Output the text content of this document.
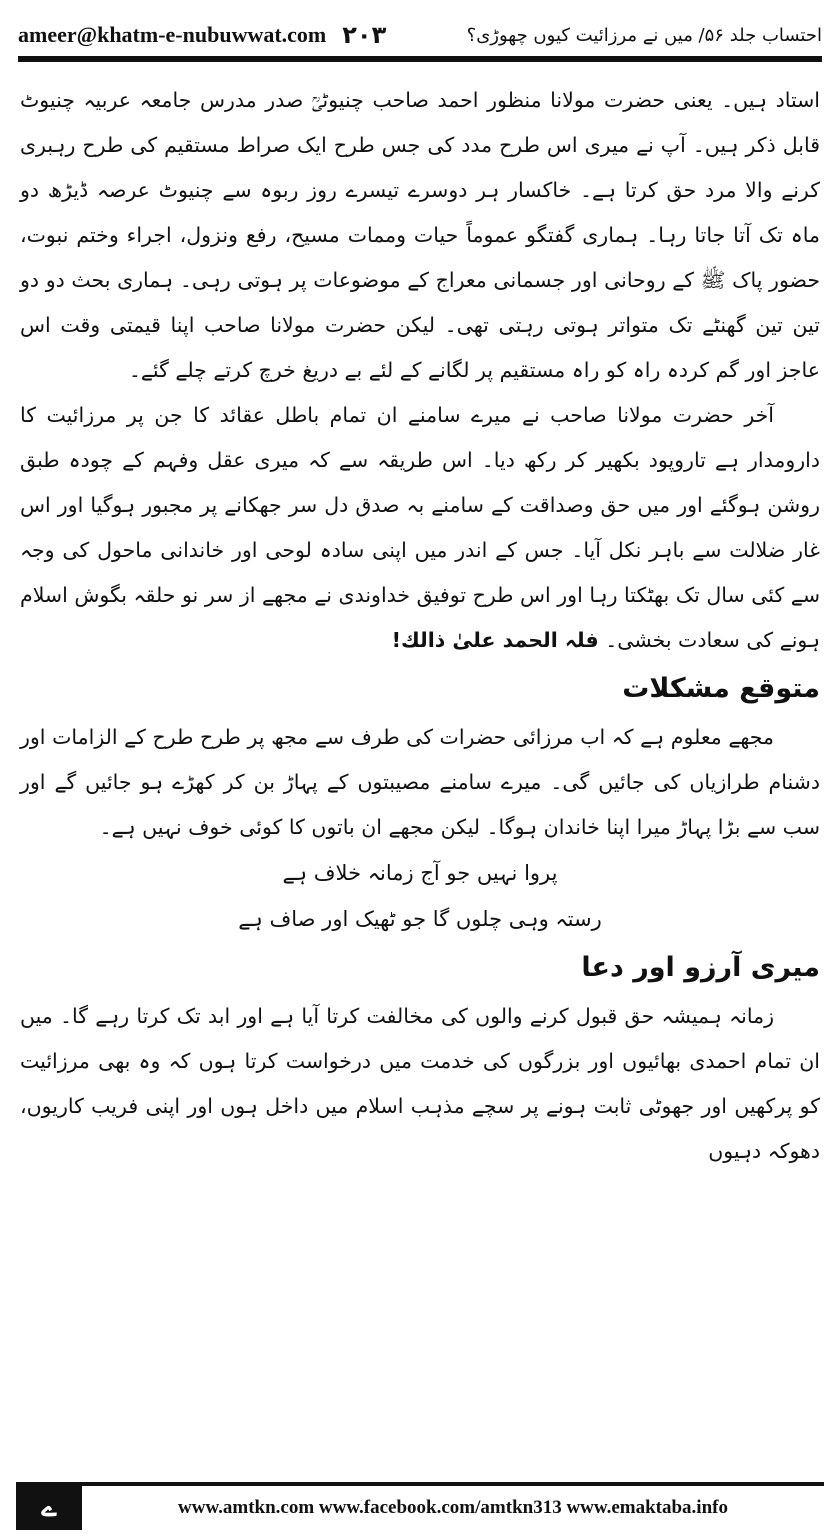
ameer@khatm-e-nubuwwat.com ۲۰۳	احتساب جلد ۵۶/ میں نے مرزائیت کیوں چھوڑی؟

استاد ہیں۔ یعنی حضرت مولانا منظور احمد صاحب چنیوٹیؒ صدر مدرس جامعہ عربیہ چنیوٹ قابل ذکر ہیں۔ آپ نے میری اس طرح مدد کی جس طرح ایک صراط مستقیم کی طرح رہبری کرنے والا مرد حق کرتا ہے۔ خاکسار ہر دوسرے تیسرے روز ربوہ سے چنیوٹ عرصہ ڈیڑھ دو ماہ تک آتا جاتا رہا۔ ہماری گفتگو عموماً حیات وممات مسیح، رفع ونزول، اجراء وختم نبوت، حضور پاک ﷺ کے روحانی اور جسمانی معراج کے موضوعات پر ہوتی رہی۔ ہماری بحث دو دو تین تین گھنٹے تک متواتر ہوتی رہتی تھی۔ لیکن حضرت مولانا صاحب اپنا قیمتی وقت اس عاجز اور گم کردہ راہ کو راہ مستقیم پر لگانے کے لئے بے دریغ خرچ کرتے چلے گئے۔

آخر حضرت مولانا صاحب نے میرے سامنے ان تمام باطل عقائد کا جن پر مرزائیت کا دارومدار ہے تاروپود بکھیر کر رکھ دیا۔ اس طریقہ سے کہ میری عقل وفہم کے چودہ طبق روشن ہوگئے اور میں حق وصداقت کے سامنے بہ صدق دل سر جھکانے پر مجبور ہوگیا اور اس غار ضلالت سے باہر نکل آیا۔ جس کے اندر میں اپنی سادہ لوحی اور خاندانی ماحول کی وجہ سے کئی سال تک بھٹکتا رہا اور اس طرح توفیق خداوندی نے مجھے از سر نو حلقہ بگوش اسلام ہونے کی سعادت بخشی۔ فلہ الحمد علیٰ ذالك!

متوقع مشکلات

مجھے معلوم ہے کہ اب مرزائی حضرات کی طرف سے مجھ پر طرح طرح کے الزامات اور دشنام طرازیاں کی جائیں گی۔ میرے سامنے مصیبتوں کے پہاڑ بن کر کھڑے ہو جائیں گے اور سب سے بڑا پہاڑ میرا اپنا خاندان ہوگا۔ لیکن مجھے ان باتوں کا کوئی خوف نہیں ہے۔

پروا نہیں جو آج زمانہ خلاف ہے
رستہ وہی چلوں گا جو ٹھیک اور صاف ہے

میری آرزو اور دعا

زمانہ ہمیشہ حق قبول کرنے والوں کی مخالفت کرتا آیا ہے اور ابد تک کرتا رہے گا۔ میں ان تمام احمدی بھائیوں اور بزرگوں کی خدمت میں درخواست کرتا ہوں کہ وہ بھی مرزائیت کو پرکھیں اور جھوٹی ثابت ہونے پر سچے مذہب اسلام میں داخل ہوں اور اپنی فریب کاریوں، دھوکہ دہیوں

ے	www.amtkn.com www.facebook.com/amtkn313 www.emaktaba.info
